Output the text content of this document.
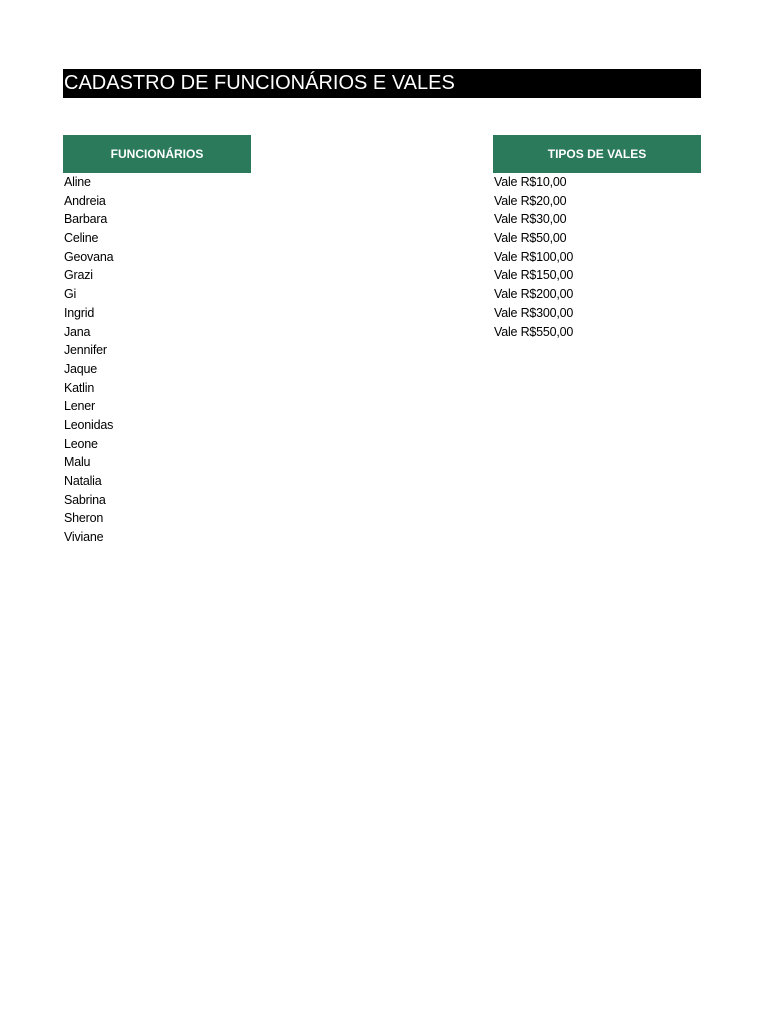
CADASTRO DE FUNCIONÁRIOS E VALES
FUNCIONÁRIOS	TIPOS DE VALES
Aline
Andreia
Barbara
Celine
Geovana
Grazi
Gi
Ingrid
Jana
Jennifer
Jaque
Katlin
Lener
Leonidas
Leone
Malu
Natalia
Sabrina
Sheron
Viviane
Vale R$10,00
Vale R$20,00
Vale R$30,00
Vale R$50,00
Vale R$100,00
Vale R$150,00
Vale R$200,00
Vale R$300,00
Vale R$550,00
